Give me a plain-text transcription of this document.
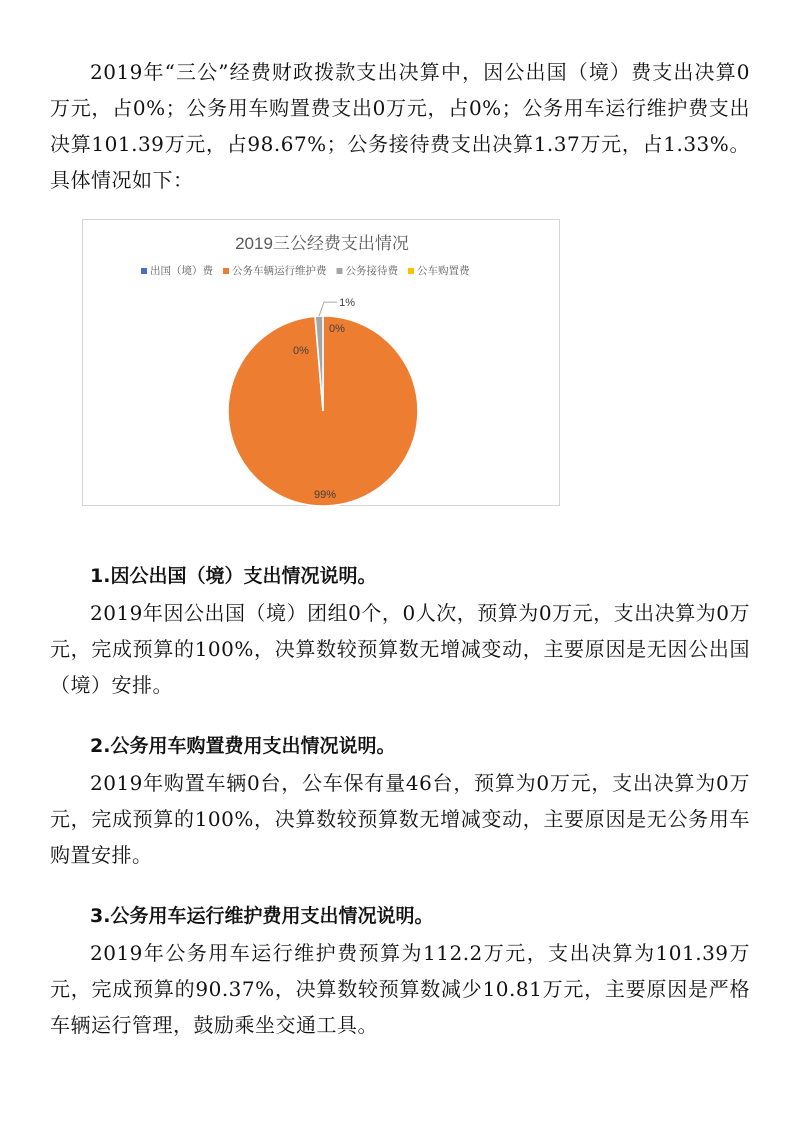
2019年“三公”经费财政拨款支出决算中，因公出国（境）费支出决算0万元，占0%；公务用车购置费支出0万元，占0%；公务用车运行维护费支出决算101.39万元，占98.67%；公务接待费支出决算1.37万元，占1.33%。具体情况如下：

2019三公经费支出情况
出国（境）费 公务车辆运行维护费 公务接待费 公车购置费
99%
1%
0%
0%
1.因公出国（境）支出情况说明。

2019年因公出国（境）团组0个，0人次，预算为0万元，支出决算为0万元，完成预算的100%，决算数较预算数无增减变动，主要原因是无因公出国（境）安排。

2.公务用车购置费用支出情况说明。

2019年购置车辆0台，公车保有量46台，预算为0万元，支出决算为0万元，完成预算的100%，决算数较预算数无增减变动，主要原因是无公务用车购置安排。

3.公务用车运行维护费用支出情况说明。

2019年公务用车运行维护费预算为112.2万元，支出决算为101.39万元，完成预算的90.37%，决算数较预算数减少10.81万元，主要原因是严格车辆运行管理，鼓励乘坐交通工具。
